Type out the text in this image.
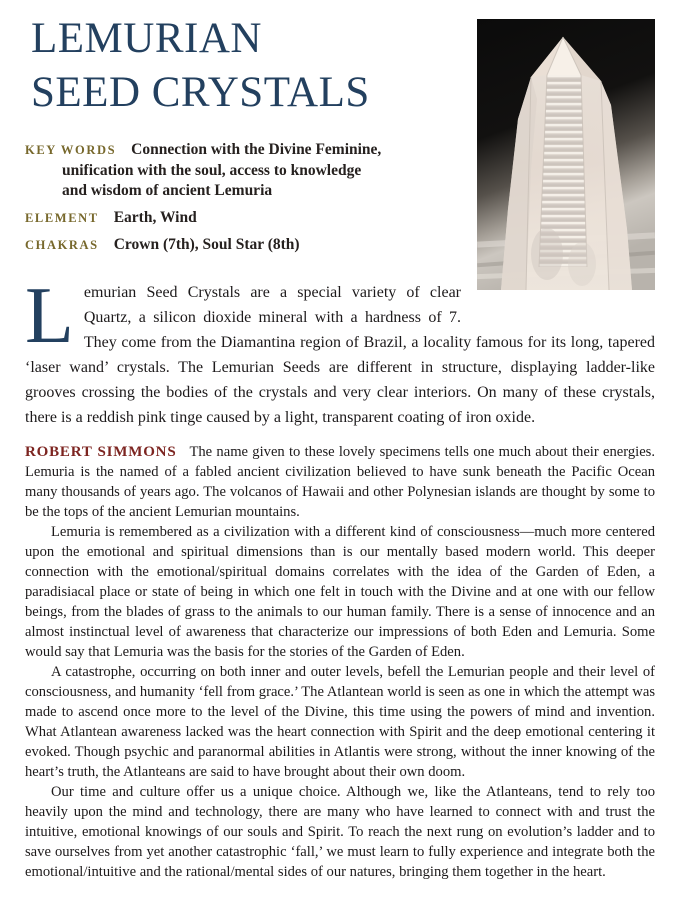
LEMURIAN
SEED CRYSTALS
KEY WORDS Connection with the Divine Feminine,
unification with the soul, access to knowledge
and wisdom of ancient Lemuria
ELEMENT Earth, Wind
CHAKRAS Crown (7th), Soul Star (8th)
Lemurian Seed Crystals are a special variety of clear Quartz, a silicon dioxide mineral with a hardness of 7. They come from the Diamantina region of Brazil, a locality famous for its long, tapered ‘laser wand’ crystals. The Lemurian Seeds are different in structure, displaying ladder-like grooves crossing the bodies of the crystals and very clear interiors. On many of these crystals, there is a reddish pink tinge caused by a light, transparent coating of iron oxide.

ROBERT SIMMONS The name given to these lovely specimens tells one much about their energies. Lemuria is the named of a fabled ancient civilization believed to have sunk beneath the Pacific Ocean many thousands of years ago. The volcanos of Hawaii and other Polynesian islands are thought by some to be the tops of the ancient Lemurian mountains.

Lemuria is remembered as a civilization with a different kind of consciousness—much more centered upon the emotional and spiritual dimensions than is our mentally based modern world. This deeper connection with the emotional/spiritual domains correlates with the idea of the Garden of Eden, a paradisiacal place or state of being in which one felt in touch with the Divine and at one with our fellow beings, from the blades of grass to the animals to our human family. There is a sense of innocence and an almost instinctual level of awareness that characterize our impressions of both Eden and Lemuria. Some would say that Lemuria was the basis for the stories of the Garden of Eden.

A catastrophe, occurring on both inner and outer levels, befell the Lemurian people and their level of consciousness, and humanity ‘fell from grace.’ The Atlantean world is seen as one in which the attempt was made to ascend once more to the level of the Divine, this time using the powers of mind and invention. What Atlantean awareness lacked was the heart connection with Spirit and the deep emotional centering it evoked. Though psychic and paranormal abilities in Atlantis were strong, without the inner knowing of the heart’s truth, the Atlanteans are said to have brought about their own doom.

Our time and culture offer us a unique choice. Although we, like the Atlanteans, tend to rely too heavily upon the mind and technology, there are many who have learned to connect with and trust the intuitive, emotional knowings of our souls and Spirit. To reach the next rung on evolution’s ladder and to save ourselves from yet another catastrophic ‘fall,’ we must learn to fully experience and integrate both the emotional/intuitive and the rational/mental sides of our natures, bringing them together in the heart.
